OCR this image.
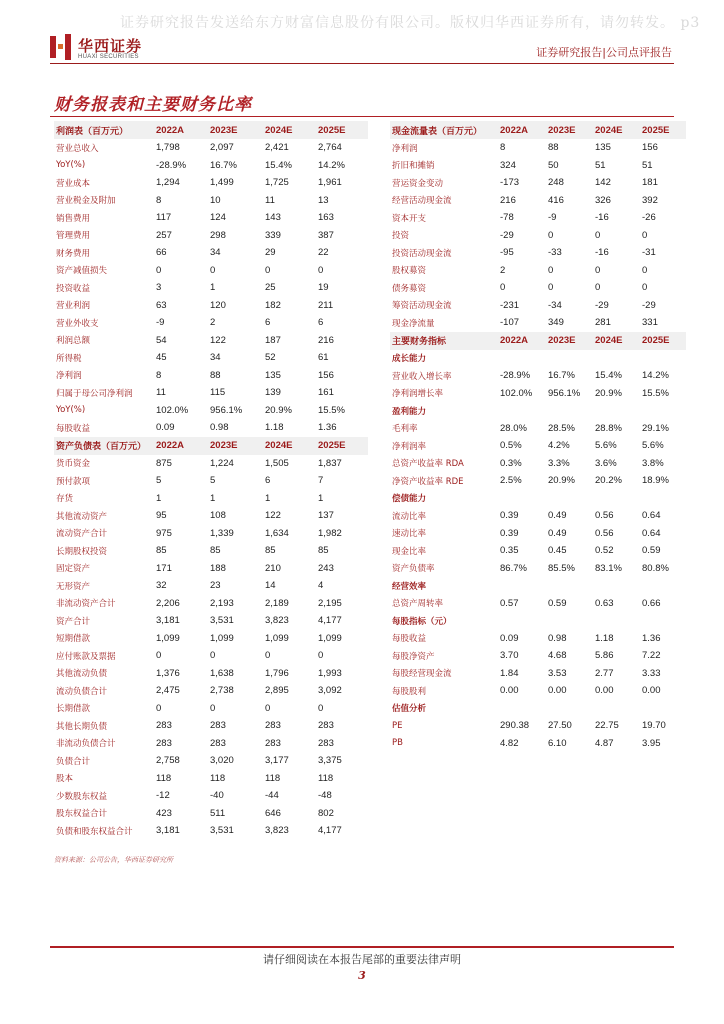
证券研究报告发送给东方财富信息股份有限公司。版权归华西证券所有，请勿转发。 p3
华西证券
HUAXI SECURITIES	证券研究报告|公司点评报告
财务报表和主要财务比率
利润表（百万元）	2022A	2023E	2024E	2025E
营业总收入	1,798	2,097	2,421	2,764
YoY(%)	-28.9%	16.7%	15.4%	14.2%
营业成本	1,294	1,499	1,725	1,961
营业税金及附加	8	10	11	13
销售费用	117	124	143	163
管理费用	257	298	339	387
财务费用	66	34	29	22
资产减值损失	0	0	0	0
投资收益	3	1	25	19
营业利润	63	120	182	211
营业外收支	-9	2	6	6
利润总额	54	122	187	216
所得税	45	34	52	61
净利润	8	88	135	156
归属于母公司净利润	11	115	139	161
YoY(%)	102.0%	956.1%	20.9%	15.5%
每股收益	0.09	0.98	1.18	1.36
资产负债表（百万元）	2022A	2023E	2024E	2025E
货币资金	875	1,224	1,505	1,837
预付款项	5	5	6	7
存货	1	1	1	1
其他流动资产	95	108	122	137
流动资产合计	975	1,339	1,634	1,982
长期股权投资	85	85	85	85
固定资产	171	188	210	243
无形资产	32	23	14	4
非流动资产合计	2,206	2,193	2,189	2,195
资产合计	3,181	3,531	3,823	4,177
短期借款	1,099	1,099	1,099	1,099
应付账款及票据	0	0	0	0
其他流动负债	1,376	1,638	1,796	1,993
流动负债合计	2,475	2,738	2,895	3,092
长期借款	0	0	0	0
其他长期负债	283	283	283	283
非流动负债合计	283	283	283	283
负债合计	2,758	3,020	3,177	3,375
股本	118	118	118	118
少数股东权益	-12	-40	-44	-48
股东权益合计	423	511	646	802
负债和股东权益合计	3,181	3,531	3,823	4,177
现金流量表（百万元）	2022A	2023E	2024E	2025E
净利润	8	88	135	156
折旧和摊销	324	50	51	51
营运资金变动	-173	248	142	181
经营活动现金流	216	416	326	392
资本开支	-78	-9	-16	-26
投资	-29	0	0	0
投资活动现金流	-95	-33	-16	-31
股权募资	2	0	0	0
债务募资	0	0	0	0
筹资活动现金流	-231	-34	-29	-29
现金净流量	-107	349	281	331
主要财务指标	2022A	2023E	2024E	2025E
成长能力				
营业收入增长率	-28.9%	16.7%	15.4%	14.2%
净利润增长率	102.0%	956.1%	20.9%	15.5%
盈利能力				
毛利率	28.0%	28.5%	28.8%	29.1%
净利润率	0.5%	4.2%	5.6%	5.6%
总资产收益率 RDA	0.3%	3.3%	3.6%	3.8%
净资产收益率 RDE	2.5%	20.9%	20.2%	18.9%
偿债能力				
流动比率	0.39	0.49	0.56	0.64
速动比率	0.39	0.49	0.56	0.64
现金比率	0.35	0.45	0.52	0.59
资产负债率	86.7%	85.5%	83.1%	80.8%
经营效率				
总资产周转率	0.57	0.59	0.63	0.66
每股指标（元）				
每股收益	0.09	0.98	1.18	1.36
每股净资产	3.70	4.68	5.86	7.22
每股经营现金流	1.84	3.53	2.77	3.33
每股股利	0.00	0.00	0.00	0.00
估值分析				
PE	290.38	27.50	22.75	19.70
PB	4.82	6.10	4.87	3.95
资料来源：公司公告，华西证券研究所
请仔细阅读在本报告尾部的重要法律声明
3
